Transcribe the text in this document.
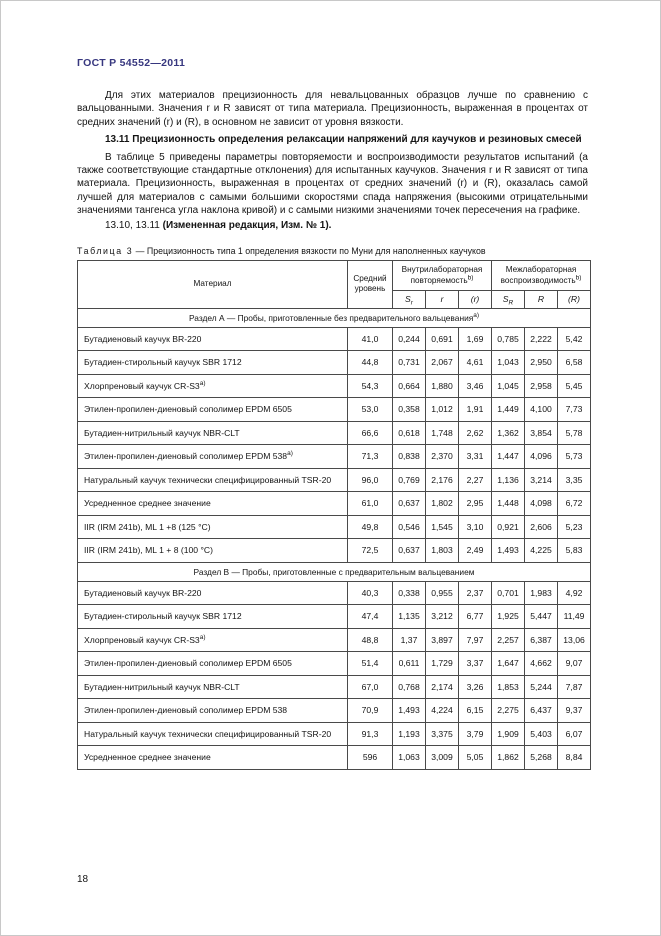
ГОСТ Р 54552—2011

Для этих материалов прецизионность для невальцованных образцов лучше по сравнению с вальцованными. Значения r и R зависят от типа материала. Прецизионность, выраженная в процентах от средних значений (r) и (R), в основном не зависит от уровня вязкости.

13.11 Прецизионность определения релаксации напряжений для каучуков и резиновых смесей

В таблице 5 приведены параметры повторяемости и воспроизводимости результатов испытаний (а также соответствующие стандартные отклонения) для испытанных каучуков. Значения r и R зависят от типа материала. Прецизионность, выраженная в процентах от средних значений (r) и (R), оказалась самой лучшей для материалов с самыми большими скоростями спада напряжения (высокими отрицательными значениями тангенса угла наклона кривой) и с самыми низкими значениями точек пересечения на графике.

13.10, 13.11 (Измененная редакция, Изм. № 1).

Таблица 3 — Прецизионность типа 1 определения вязкости по Муни для наполненных каучуков
Материал	Средний уровень	Внутрилабораторная повторяемость$^{b)}$			Межлабораторная воспроизводимость$^{b)}$
		$S_r$	r	(r)	$S_R$	R	(R)
Раздел А — Пробы, приготовленные без предварительного вальцевания$^{a)}$
Бутадиеновый каучук BR-220	41,0	0,244	0,691	1,69	0,785	2,222	5,42
Бутадиен-стирольный каучук SBR 1712	44,8	0,731	2,067	4,61	1,043	2,950	6,58
Хлорпреновый каучук CR-S3$^{a)}$	54,3	0,664	1,880	3,46	1,045	2,958	5,45
Этилен-пропилен-диеновый сополимер EPDM 6505	53,0	0,358	1,012	1,91	1,449	4,100	7,73
Бутадиен-нитрильный каучук NBR-CLT	66,6	0,618	1,748	2,62	1,362	3,854	5,78
Этилен-пропилен-диеновый сополимер EPDM 538$^{a)}$	71,3	0,838	2,370	3,31	1,447	4,096	5,73
Натуральный каучук технически специфицированный TSR-20	96,0	0,769	2,176	2,27	1,136	3,214	3,35
Усредненное среднее значение	61,0	0,637	1,802	2,95	1,448	4,098	6,72
IIR (IRM 241b), ML 1 +8 (125 °C)	49,8	0,546	1,545	3,10	0,921	2,606	5,23
IIR (IRM 241b), ML 1 + 8 (100 °C)	72,5	0,637	1,803	2,49	1,493	4,225	5,83
Раздел В — Пробы, приготовленные с предварительным вальцеванием							
Бутадиеновый каучук BR-220	40,3	0,338	0,955	2,37	0,701	1,983	4,92
Бутадиен-стирольный каучук SBR 1712	47,4	1,135	3,212	6,77	1,925	5,447	11,49
Хлорпреновый каучук CR-S3$^{a)}$	48,8	1,37	3,897	7,97	2,257	6,387	13,06
Этилен-пропилен-диеновый сополимер EPDM 6505	51,4	0,611	1,729	3,37	1,647	4,662	9,07
Бутадиен-нитрильный каучук NBR-CLT	67,0	0,768	2,174	3,26	1,853	5,244	7,87
Этилен-пропилен-диеновый сополимер EPDM 538	70,9	1,493	4,224	6,15	2,275	6,437	9,37
Натуральный каучук технически специфицированный TSR-20	91,3	1,193	3,375	3,79	1,909	5,403	6,07
Усредненное среднее значение	596	1,063	3,009	5,05	1,862	5,268	8,84
18
